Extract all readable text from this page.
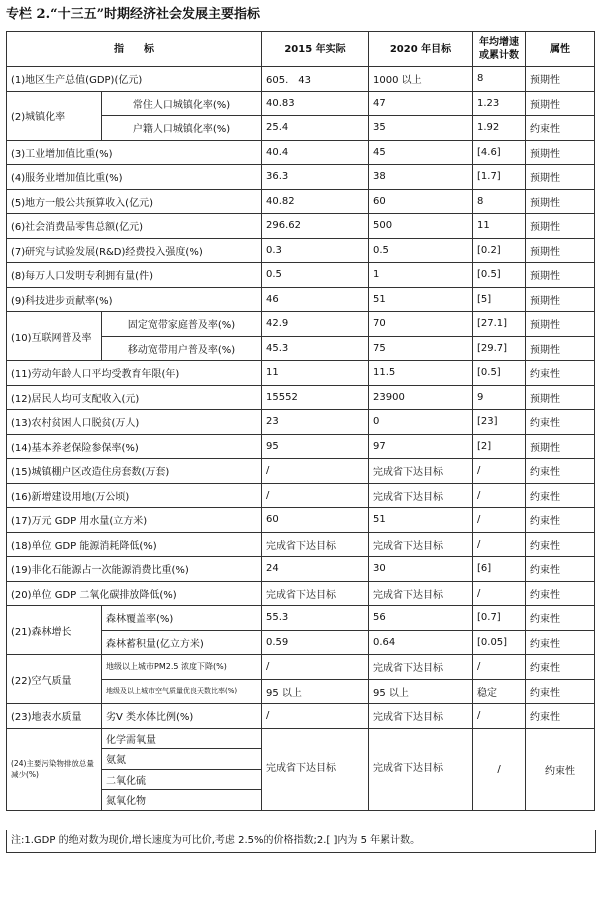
专栏 2.“十三五”时期经济社会发展主要指标
指　　标		2015 年实际	2020 年目标	年均增速或累计数	属性
(1)地区生产总值(GDP)(亿元)		605.　43	1000 以上	8	预期性
(2)城镇化率	常住人口城镇化率(%)	40.83	47	1.23	预期性
	户籍人口城镇化率(%)	25.4	35	1.92	约束性
(3)工业增加值比重(%)		40.4	45	[4.6]	预期性
(4)服务业增加值比重(%)		36.3	38	[1.7]	预期性
(5)地方一般公共预算收入(亿元)		40.82	60	8	预期性
(6)社会消费品零售总额(亿元)		296.62	500	11	预期性
(7)研究与试验发展(R&D)经费投入强度(%)		0.3	0.5	[0.2]	预期性
(8)每万人口发明专利拥有量(件)		0.5	1	[0.5]	预期性
(9)科技进步贡献率(%)		46	51	[5]	预期性
(10)互联网普及率	固定宽带家庭普及率(%)	42.9	70	[27.1]	预期性
	移动宽带用户普及率(%)	45.3	75	[29.7]	预期性
(11)劳动年龄人口平均受教育年限(年)		11	11.5	[0.5]	约束性
(12)居民人均可支配收入(元)		15552	23900	9	预期性
(13)农村贫困人口脱贫(万人)		23	0	[23]	约束性
(14)基本养老保险参保率(%)		95	97	[2]	预期性
(15)城镇棚户区改造住房套数(万套)		/	完成省下达目标	/	约束性
(16)新增建设用地(万公顷)		/	完成省下达目标	/	约束性
(17)万元 GDP 用水量(立方米)		60	51	/	约束性
(18)单位 GDP 能源消耗降低(%)		完成省下达目标	完成省下达目标	/	约束性
(19)非化石能源占一次能源消费比重(%)		24	30	[6]	约束性
(20)单位 GDP 二氧化碳排放降低(%)		完成省下达目标	完成省下达目标	/	约束性
(21)森林增长	森林覆盖率(%)	55.3	56	[0.7]	约束性
	森林蓄积量(亿立方米)	0.59	0.64	[0.05]	约束性
(22)空气质量	地级以上城市PM2.5 浓度下降(%)	/	完成省下达目标	/	约束性
	地级及以上城市空气质量优良天数比率(%)	95 以上	95 以上	稳定	约束性
(23)地表水质量	劣V 类水体比例(%)	/	完成省下达目标	/	约束性
(24)主要污染物排放总量减少(%)	化学需氧量	完成省下达目标	完成省下达目标	/	约束性
	氨氮				
	二氧化硫				
	氮氧化物				
注:1.GDP 的绝对数为现价,增长速度为可比价,考虑 2.5%的价格指数;2.[ ]内为 5 年累计数。
